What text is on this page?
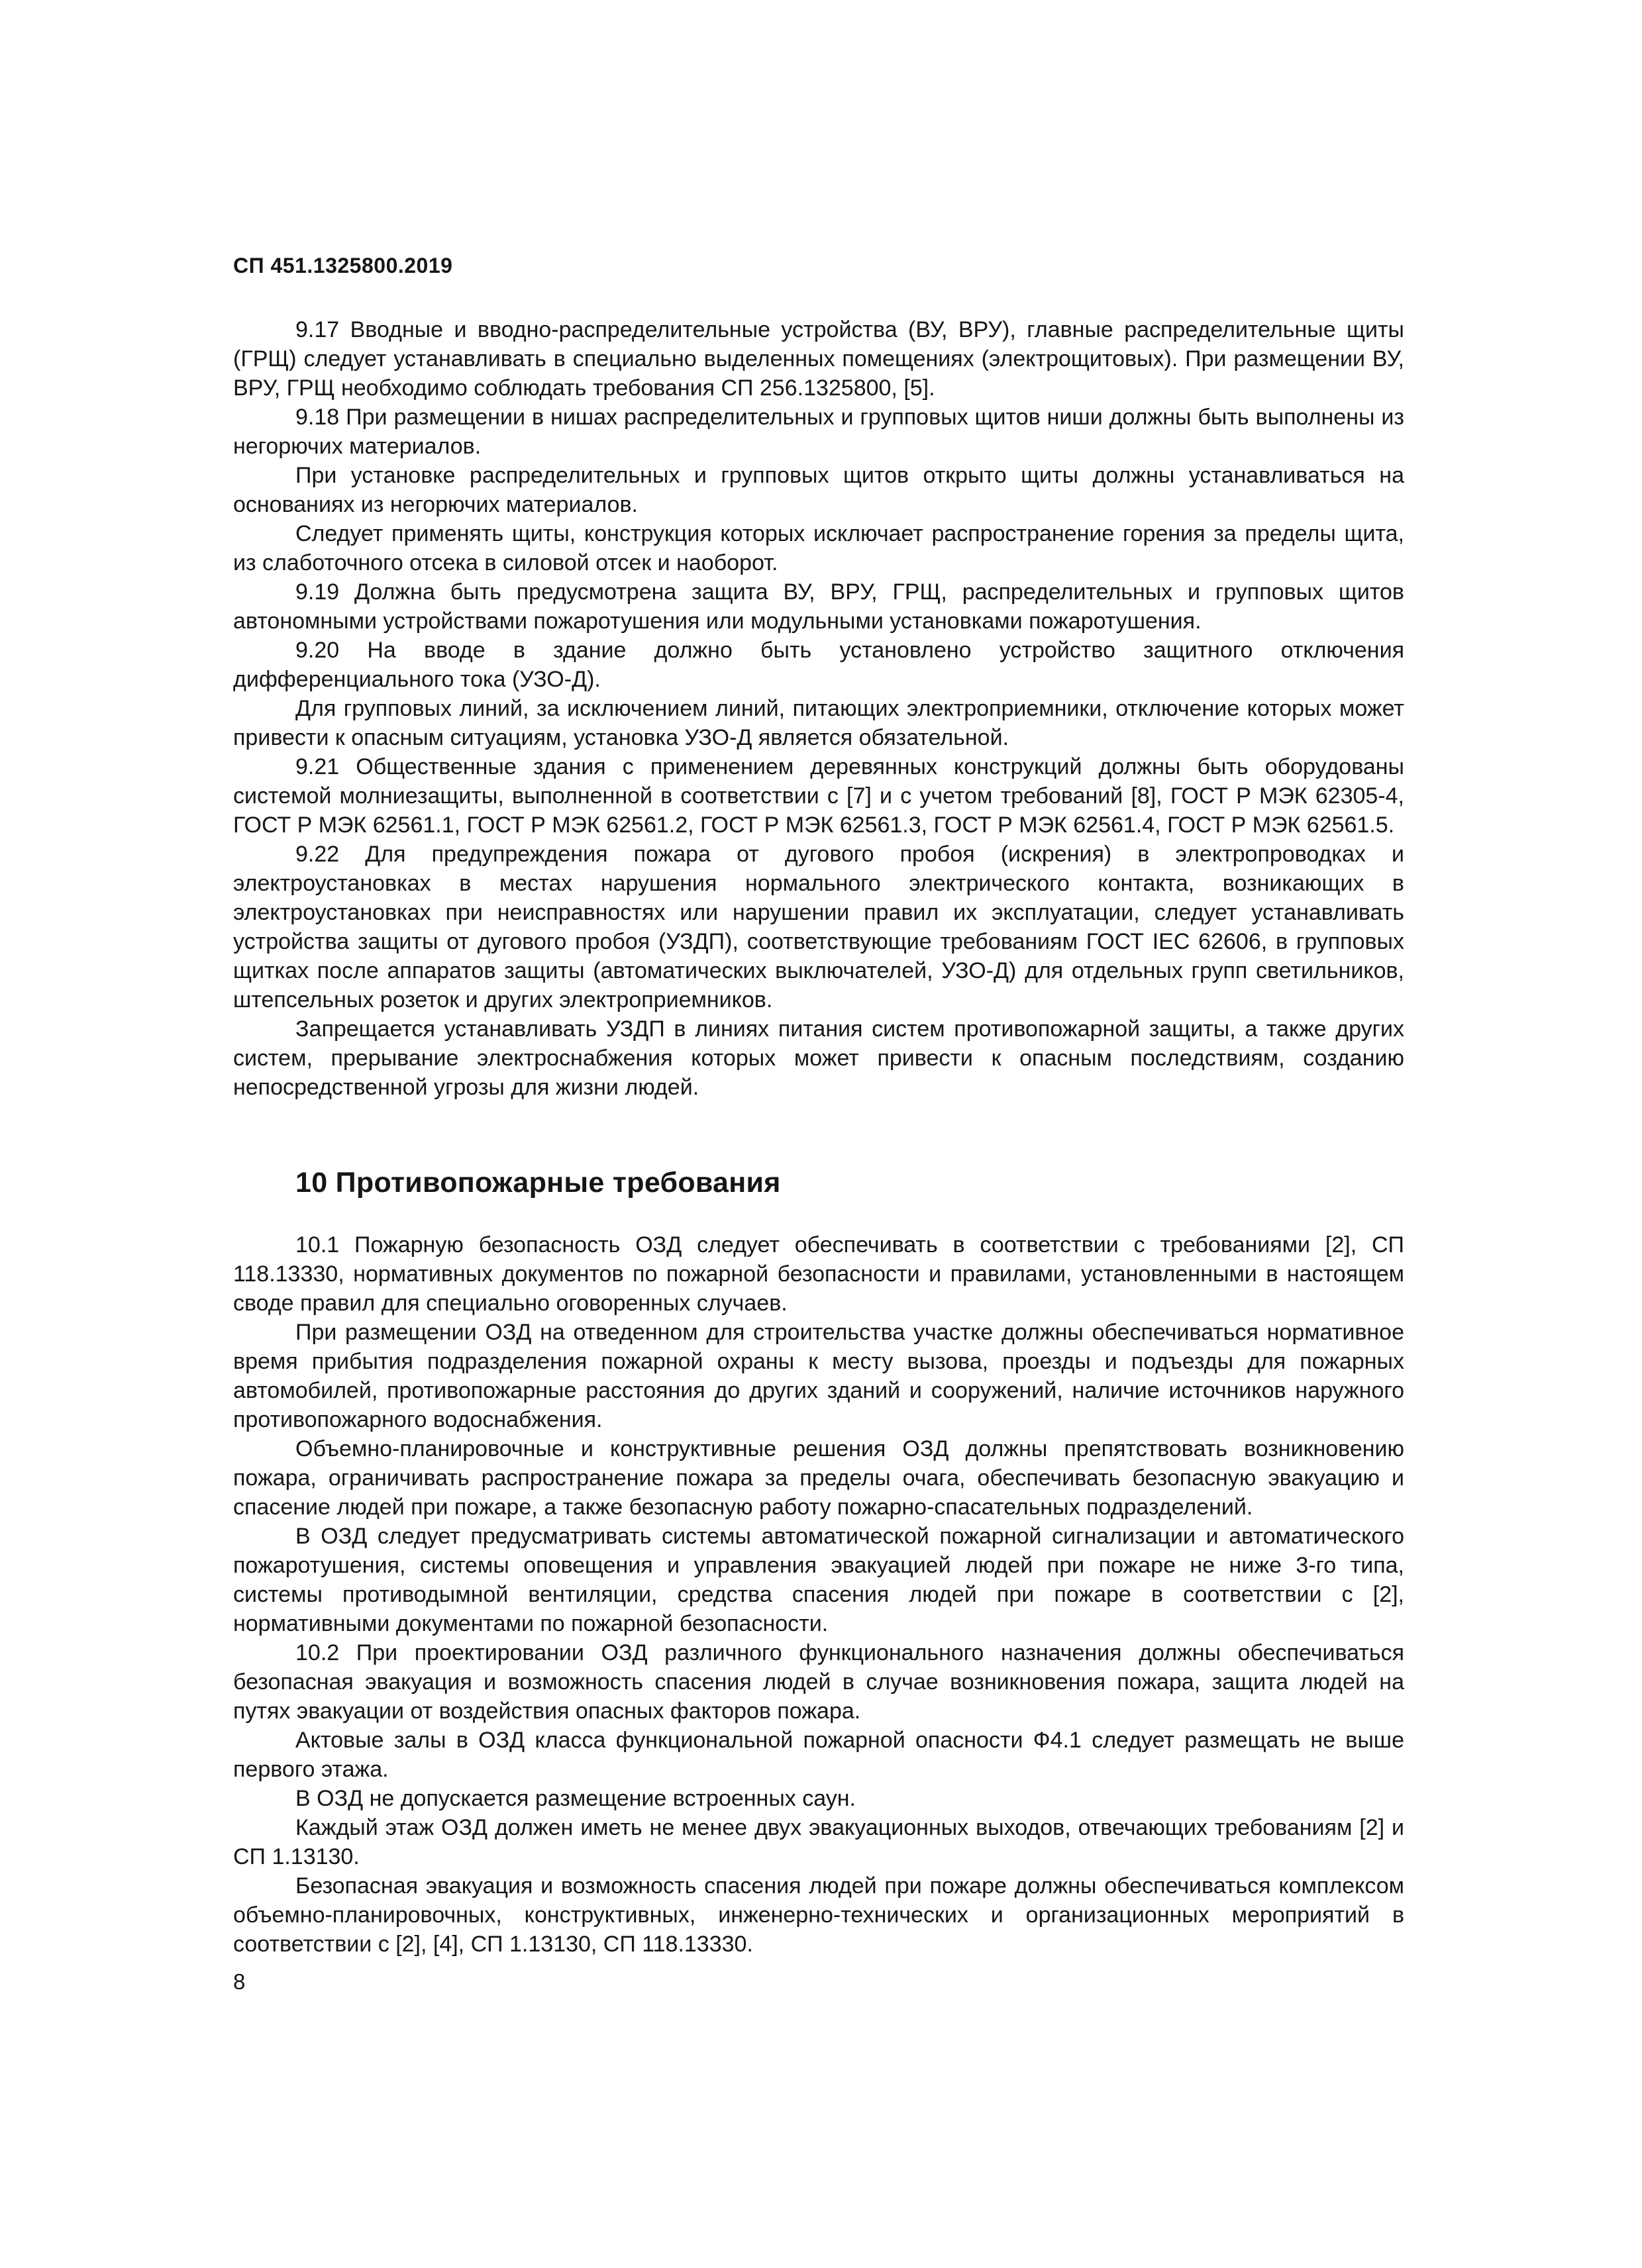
СП 451.1325800.2019

9.17 Вводные и вводно-распределительные устройства (ВУ, ВРУ), главные распределительные щиты (ГРЩ) следует устанавливать в специально выделенных помещениях (электрощитовых). При размещении ВУ, ВРУ, ГРЩ необходимо соблюдать требования СП 256.1325800, [5].

9.18 При размещении в нишах распределительных и групповых щитов ниши должны быть выполнены из негорючих материалов.

При установке распределительных и групповых щитов открыто щиты должны устанавливаться на основаниях из негорючих материалов.

Следует применять щиты, конструкция которых исключает распространение горения за пределы щита, из слаботочного отсека в силовой отсек и наоборот.

9.19 Должна быть предусмотрена защита ВУ, ВРУ, ГРЩ, распределительных и групповых щитов автономными устройствами пожаротушения или модульными установками пожаротушения.

9.20 На вводе в здание должно быть установлено устройство защитного отключения дифференциального тока (УЗО-Д).

Для групповых линий, за исключением линий, питающих электроприемники, отключение которых может привести к опасным ситуациям, установка УЗО-Д является обязательной.

9.21 Общественные здания с применением деревянных конструкций должны быть оборудованы системой молниезащиты, выполненной в соответствии с [7] и с учетом требований [8], ГОСТ Р МЭК 62305-4, ГОСТ Р МЭК 62561.1, ГОСТ Р МЭК 62561.2, ГОСТ Р МЭК 62561.3, ГОСТ Р МЭК 62561.4, ГОСТ Р МЭК 62561.5.

9.22 Для предупреждения пожара от дугового пробоя (искрения) в электропроводках и электроустановках в местах нарушения нормального электрического контакта, возникающих в электроустановках при неисправностях или нарушении правил их эксплуатации, следует устанавливать устройства защиты от дугового пробоя (УЗДП), соответствующие требованиям ГОСТ IEC 62606, в групповых щитках после аппаратов защиты (автоматических выключателей, УЗО-Д) для отдельных групп светильников, штепсельных розеток и других электроприемников.

Запрещается устанавливать УЗДП в линиях питания систем противопожарной защиты, а также других систем, прерывание электроснабжения которых может привести к опасным последствиям, созданию непосредственной угрозы для жизни людей.

10 Противопожарные требования

10.1 Пожарную безопасность ОЗД следует обеспечивать в соответствии с требованиями [2], СП 118.13330, нормативных документов по пожарной безопасности и правилами, установленными в настоящем своде правил для специально оговоренных случаев.

При размещении ОЗД на отведенном для строительства участке должны обеспечиваться нормативное время прибытия подразделения пожарной охраны к месту вызова, проезды и подъезды для пожарных автомобилей, противопожарные расстояния до других зданий и сооружений, наличие источников наружного противопожарного водоснабжения.

Объемно-планировочные и конструктивные решения ОЗД должны препятствовать возникновению пожара, ограничивать распространение пожара за пределы очага, обеспечивать безопасную эвакуацию и спасение людей при пожаре, а также безопасную работу пожарно-спасательных подразделений.

В ОЗД следует предусматривать системы автоматической пожарной сигнализации и автоматического пожаротушения, системы оповещения и управления эвакуацией людей при пожаре не ниже 3-го типа, системы противодымной вентиляции, средства спасения людей при пожаре в соответствии с [2], нормативными документами по пожарной безопасности.

10.2 При проектировании ОЗД различного функционального назначения должны обеспечиваться безопасная эвакуация и возможность спасения людей в случае возникновения пожара, защита людей на путях эвакуации от воздействия опасных факторов пожара.

Актовые залы в ОЗД класса функциональной пожарной опасности Ф4.1 следует размещать не выше первого этажа.

В ОЗД не допускается размещение встроенных саун.

Каждый этаж ОЗД должен иметь не менее двух эвакуационных выходов, отвечающих требованиям [2] и СП 1.13130.

Безопасная эвакуация и возможность спасения людей при пожаре должны обеспечиваться комплексом объемно-планировочных, конструктивных, инженерно-технических и организационных мероприятий в соответствии с [2], [4], СП 1.13130, СП 118.13330.

8
